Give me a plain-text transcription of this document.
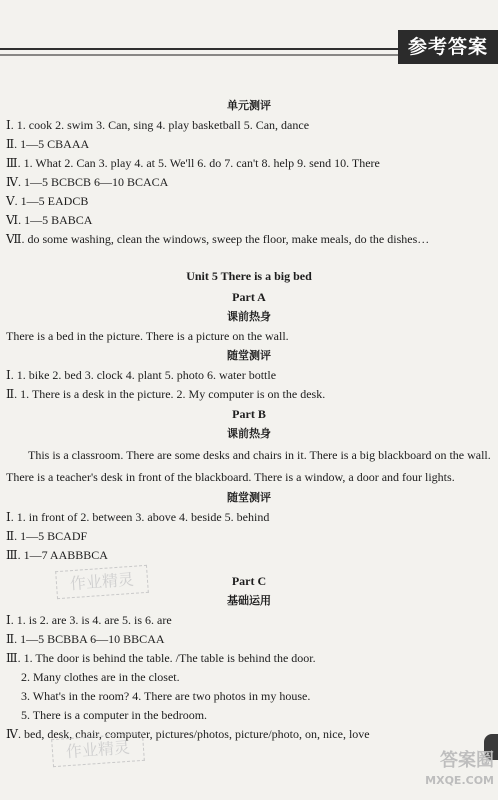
参考答案
单元测评
Ⅰ. 1. cook 2. swim 3. Can, sing 4. play basketball 5. Can, dance
Ⅱ. 1—5 CBAAA
Ⅲ. 1. What 2. Can 3. play 4. at 5. We'll 6. do 7. can't 8. help 9. send 10. There
Ⅳ. 1—5 BCBCB 6—10 BCACA
Ⅴ. 1—5 EADCB
Ⅵ. 1—5 BABCA
Ⅶ. do some washing, clean the windows, sweep the floor, make meals, do the dishes…
Unit 5 There is a big bed
Part A
课前热身
There is a bed in the picture. There is a picture on the wall.
随堂测评
Ⅰ. 1. bike 2. bed 3. clock 4. plant 5. photo 6. water bottle
Ⅱ. 1. There is a desk in the picture. 2. My computer is on the desk.
Part B
课前热身
This is a classroom. There are some desks and chairs in it. There is a big blackboard on the wall. There is a teacher's desk in front of the blackboard. There is a window, a door and four lights.
随堂测评
Ⅰ. 1. in front of 2. between 3. above 4. beside 5. behind
Ⅱ. 1—5 BCADF
Ⅲ. 1—7 AABBBCA
Part C
基础运用
Ⅰ. 1. is 2. are 3. is 4. are 5. is 6. are
Ⅱ. 1—5 BCBBA 6—10 BBCAA
Ⅲ. 1. The door is behind the table. /The table is behind the door.
2. Many clothes are in the closet.
3. What's in the room? 4. There are two photos in my house.
5. There is a computer in the bedroom.
Ⅳ. bed, desk, chair, computer, pictures/photos, picture/photo, on, nice, love
作业精灵
作业精灵	答案圈
MXQE.COM
